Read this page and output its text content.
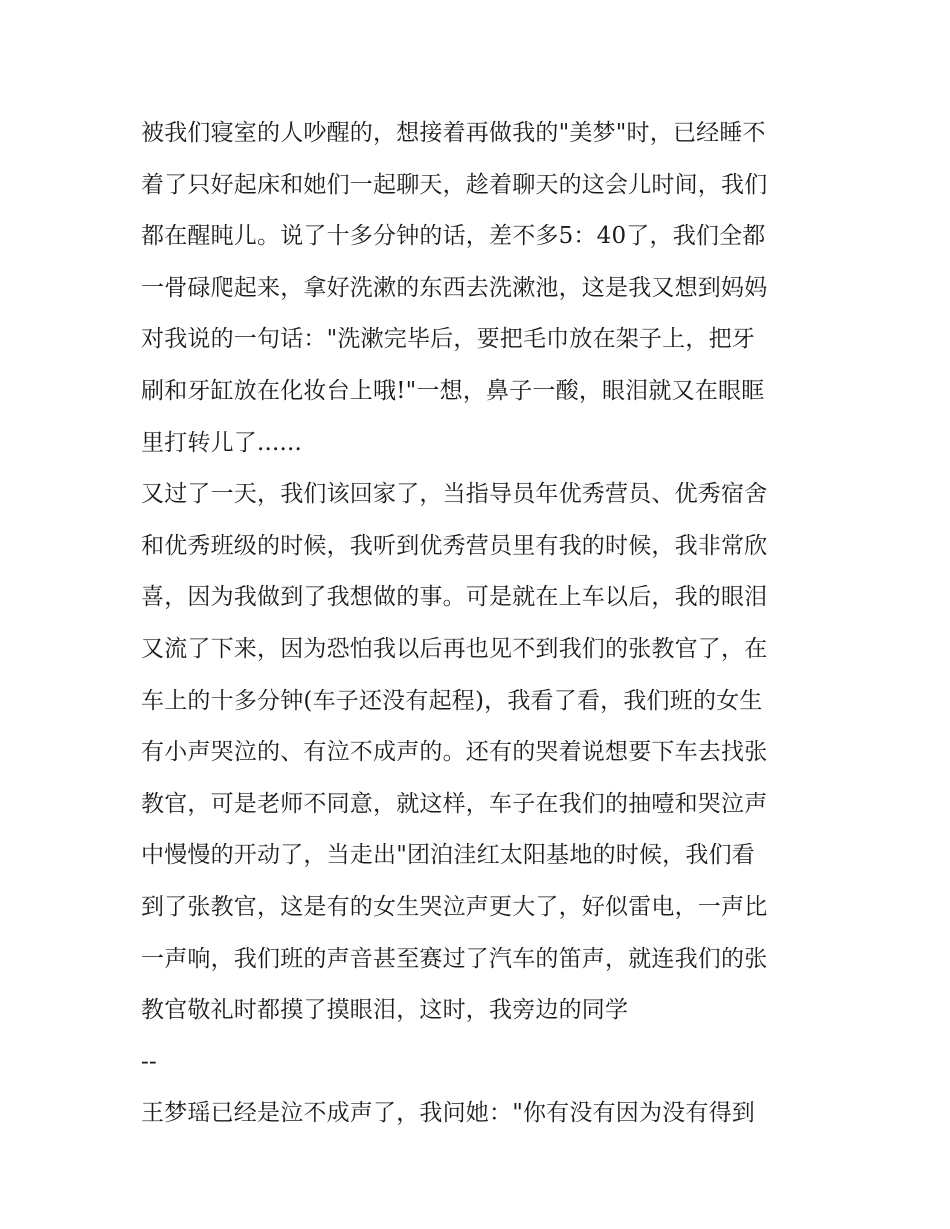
被我们寝室的人吵醒的，想接着再做我的"美梦"时，已经睡不
着了只好起床和她们一起聊天，趁着聊天的这会儿时间，我们
都在醒盹儿。说了十多分钟的话，差不多5：40了，我们全都
一骨碌爬起来，拿好洗漱的东西去洗漱池，这是我又想到妈妈
对我说的一句话："洗漱完毕后，要把毛巾放在架子上，把牙
刷和牙缸放在化妆台上哦!"一想，鼻子一酸，眼泪就又在眼眶
里打转儿了......
又过了一天，我们该回家了，当指导员年优秀营员、优秀宿舍
和优秀班级的时候，我听到优秀营员里有我的时候，我非常欣
喜，因为我做到了我想做的事。可是就在上车以后，我的眼泪
又流了下来，因为恐怕我以后再也见不到我们的张教官了，在
车上的十多分钟(车子还没有起程)，我看了看，我们班的女生
有小声哭泣的、有泣不成声的。还有的哭着说想要下车去找张
教官，可是老师不同意，就这样，车子在我们的抽噎和哭泣声
中慢慢的开动了，当走出"团泊洼红太阳基地的时候，我们看
到了张教官，这是有的女生哭泣声更大了，好似雷电，一声比
一声响，我们班的声音甚至赛过了汽车的笛声，就连我们的张
教官敬礼时都摸了摸眼泪，这时，我旁边的同学
--
王梦瑶已经是泣不成声了，我问她："你有没有因为没有得到
